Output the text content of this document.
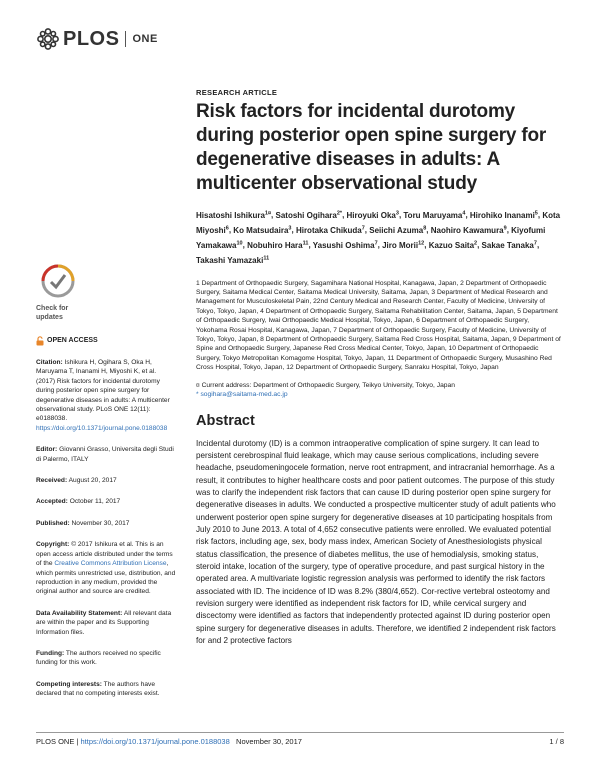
PLOS ONE
Check for
updates
OPEN ACCESS
Citation: Ishikura H, Ogihara S, Oka H, Maruyama T, Inanami H, Miyoshi K, et al. (2017) Risk factors for incidental durotomy during posterior open spine surgery for degenerative diseases in adults: A multicenter observational study. PLoS ONE 12(11): e0188038. https://doi.org/10.1371/journal.pone.0188038
Editor: Giovanni Grasso, Universita degli Studi di Palermo, ITALY
Received: August 20, 2017
Accepted: October 11, 2017
Published: November 30, 2017
Copyright: © 2017 Ishikura et al. This is an open access article distributed under the terms of the Creative Commons Attribution License, which permits unrestricted use, distribution, and reproduction in any medium, provided the original author and source are credited.
Data Availability Statement: All relevant data are within the paper and its Supporting Information files.
Funding: The authors received no specific funding for this work.
Competing interests: The authors have declared that no competing interests exist.
RESEARCH ARTICLE
Risk factors for incidental durotomy during posterior open spine surgery for degenerative diseases in adults: A multicenter observational study
Hisatoshi Ishikura$^{1¤}$, Satoshi Ogihara$^{2*}$, Hiroyuki Oka$^3$, Toru Maruyama$^4$, Hirohiko Inanami$^5$, Kota Miyoshi$^6$, Ko Matsudaira$^3$, Hirotaka Chikuda$^7$, Seiichi Azuma$^8$, Naohiro Kawamura$^9$, Kiyofumi Yamakawa$^{10}$, Nobuhiro Hara$^{11}$, Yasushi Oshima$^7$, Jiro Morii$^{12}$, Kazuo Saita$^2$, Sakae Tanaka$^7$, Takashi Yamazaki$^{11}$
1 Department of Orthopaedic Surgery, Sagamihara National Hospital, Kanagawa, Japan, 2 Department of Orthopaedic Surgery, Saitama Medical Center, Saitama Medical University, Saitama, Japan, 3 Department of Medical Research and Management for Musculoskeletal Pain, 22nd Century Medical and Research Center, Faculty of Medicine, University of Tokyo, Tokyo, Japan, 4 Department of Orthopaedic Surgery, Saitama Rehabilitation Center, Saitama, Japan, 5 Department of Orthopaedic Surgery, Iwai Orthopaedic Medical Hospital, Tokyo, Japan, 6 Department of Orthopaedic Surgery, Yokohama Rosai Hospital, Kanagawa, Japan, 7 Department of Orthopaedic Surgery, Faculty of Medicine, University of Tokyo, Tokyo, Japan, 8 Department of Orthopaedic Surgery, Saitama Red Cross Hospital, Saitama, Japan, 9 Department of Spine and Orthopaedic Surgery, Japanese Red Cross Medical Center, Tokyo, Japan, 10 Department of Orthopaedic Surgery, Tokyo Metropolitan Komagome Hospital, Tokyo, Japan, 11 Department of Orthopaedic Surgery, Musashino Red Cross Hospital, Tokyo, Japan, 12 Department of Orthopaedic Surgery, Sanraku Hospital, Tokyo, Japan
¤ Current address: Department of Orthopaedic Surgery, Teikyo University, Tokyo, Japan
* sogihara@saitama-med.ac.jp
Abstract

Incidental durotomy (ID) is a common intraoperative complication of spine surgery. It can lead to persistent cerebrospinal fluid leakage, which may cause serious complications, including severe headache, pseudomeningocele formation, nerve root entrapment, and intracranial hemorrhage. As a result, it contributes to higher healthcare costs and poor patient outcomes. The purpose of this study was to clarify the independent risk factors that can cause ID during posterior open spine surgery for degenerative diseases in adults. We conducted a prospective multicenter study of adult patients who underwent posterior open spine surgery for degenerative diseases at 10 participating hospitals from July 2010 to June 2013. A total of 4,652 consecutive patients were enrolled. We evaluated potential risk factors, including age, sex, body mass index, American Society of Anesthesiologists physical status classification, the presence of diabetes mellitus, the use of hemodialysis, smoking status, steroid intake, location of the surgery, type of operative procedure, and past surgical history in the operated area. A multivariate logistic regression analysis was performed to identify the risk factors associated with ID. The incidence of ID was 8.2% (380/4,652). Cor-rective vertebral osteotomy and revision surgery were identified as independent risk factors for ID, while cervical surgery and discectomy were identified as factors that independently protected against ID during posterior open spine surgery for degenerative diseases in adults. Therefore, we identified 2 independent risk factors for and 2 protective factors

PLOS ONE | https://doi.org/10.1371/journal.pone.0188038 November 30, 2017	1 / 8
